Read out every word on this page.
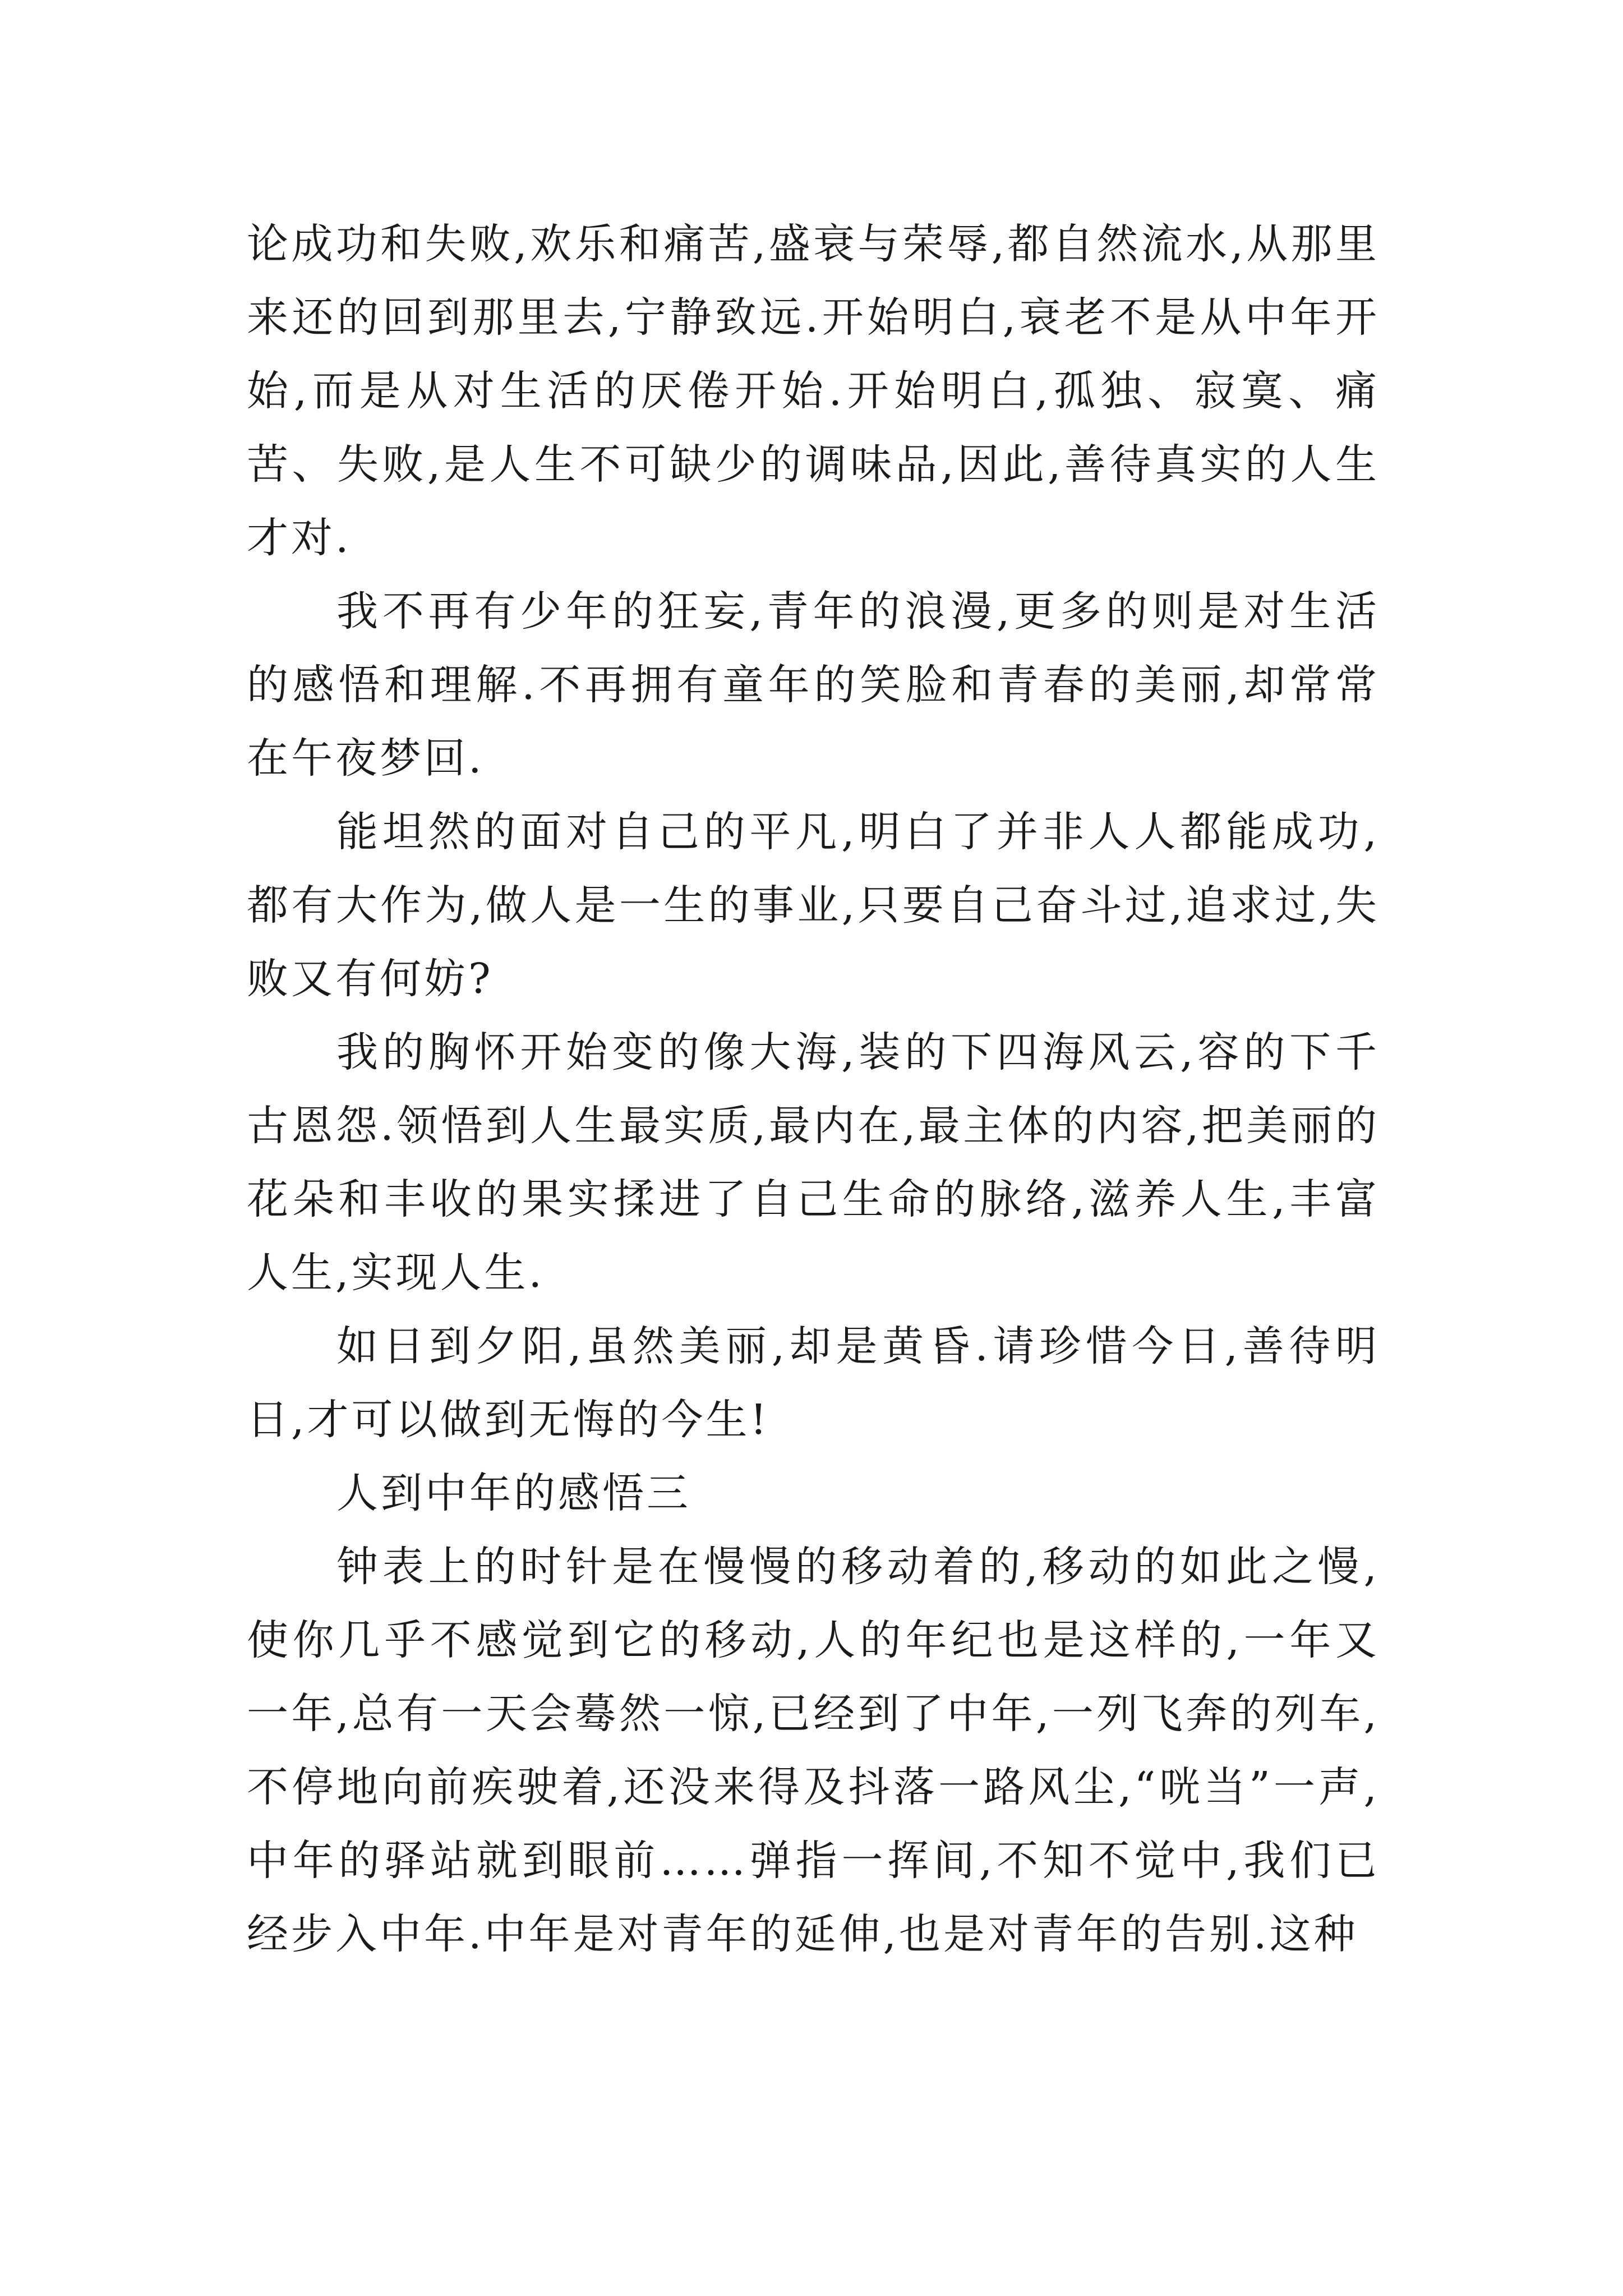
论成功和失败,欢乐和痛苦,盛衰与荣辱,都自然流水,从那里来还的回到那里去,宁静致远.开始明白,衰老不是从中年开始,而是从对生活的厌倦开始.开始明白,孤独、寂寞、痛苦、失败,是人生不可缺少的调味品,因此,善待真实的人生才对.

我不再有少年的狂妄,青年的浪漫,更多的则是对生活的感悟和理解.不再拥有童年的笑脸和青春的美丽,却常常在午夜梦回.

能坦然的面对自己的平凡,明白了并非人人都能成功,都有大作为,做人是一生的事业,只要自己奋斗过,追求过,失败又有何妨?

我的胸怀开始变的像大海,装的下四海风云,容的下千古恩怨.领悟到人生最实质,最内在,最主体的内容,把美丽的花朵和丰收的果实揉进了自己生命的脉络,滋养人生,丰富人生,实现人生.

如日到夕阳,虽然美丽,却是黄昏.请珍惜今日,善待明日,才可以做到无悔的今生!

人到中年的感悟三

钟表上的时针是在慢慢的移动着的,移动的如此之慢,使你几乎不感觉到它的移动,人的年纪也是这样的,一年又一年,总有一天会蓦然一惊,已经到了中年,一列飞奔的列车,不停地向前疾驶着,还没来得及抖落一路风尘,“咣当”一声,中年的驿站就到眼前……弹指一挥间,不知不觉中,我们已经步入中年.中年是对青年的延伸,也是对青年的告别.这种
